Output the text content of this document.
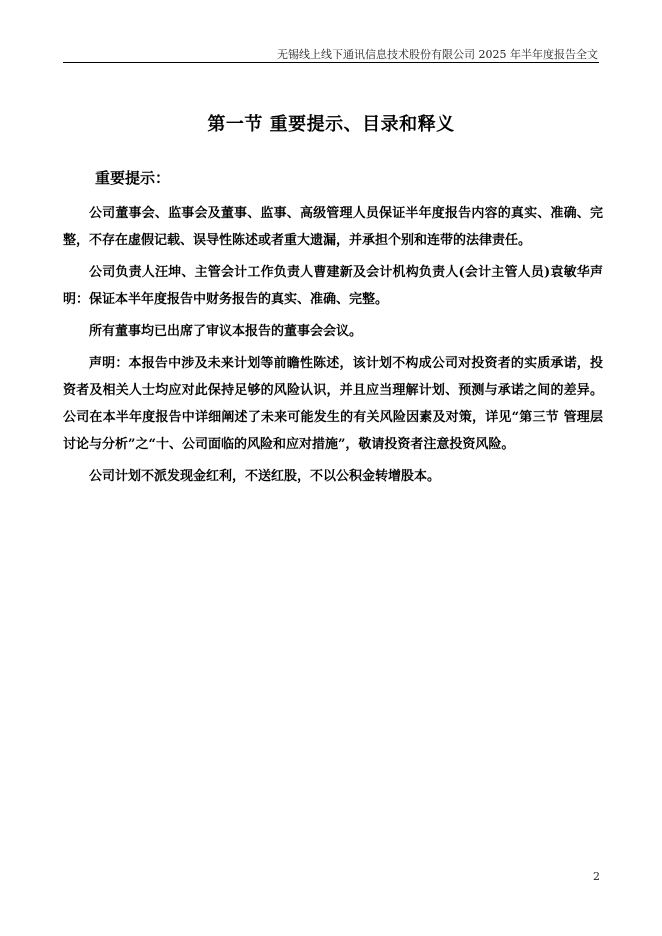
无锡线上线下通讯信息技术股份有限公司 2025 年半年度报告全文
第一节 重要提示、目录和释义
重要提示：

公司董事会、监事会及董事、监事、高级管理人员保证半年度报告内容的真实、准确、完整，不存在虚假记载、误导性陈述或者重大遗漏，并承担个别和连带的法律责任。

公司负责人汪坤、主管会计工作负责人曹建新及会计机构负责人(会计主管人员)袁敏华声明：保证本半年度报告中财务报告的真实、准确、完整。

所有董事均已出席了审议本报告的董事会会议。

声明：本报告中涉及未来计划等前瞻性陈述，该计划不构成公司对投资者的实质承诺，投资者及相关人士均应对此保持足够的风险认识，并且应当理解计划、预测与承诺之间的差异。公司在本半年度报告中详细阐述了未来可能发生的有关风险因素及对策，详见“第三节 管理层讨论与分析”之“十、公司面临的风险和应对措施”，敬请投资者注意投资风险。

公司计划不派发现金红利，不送红股，不以公积金转增股本。

2
